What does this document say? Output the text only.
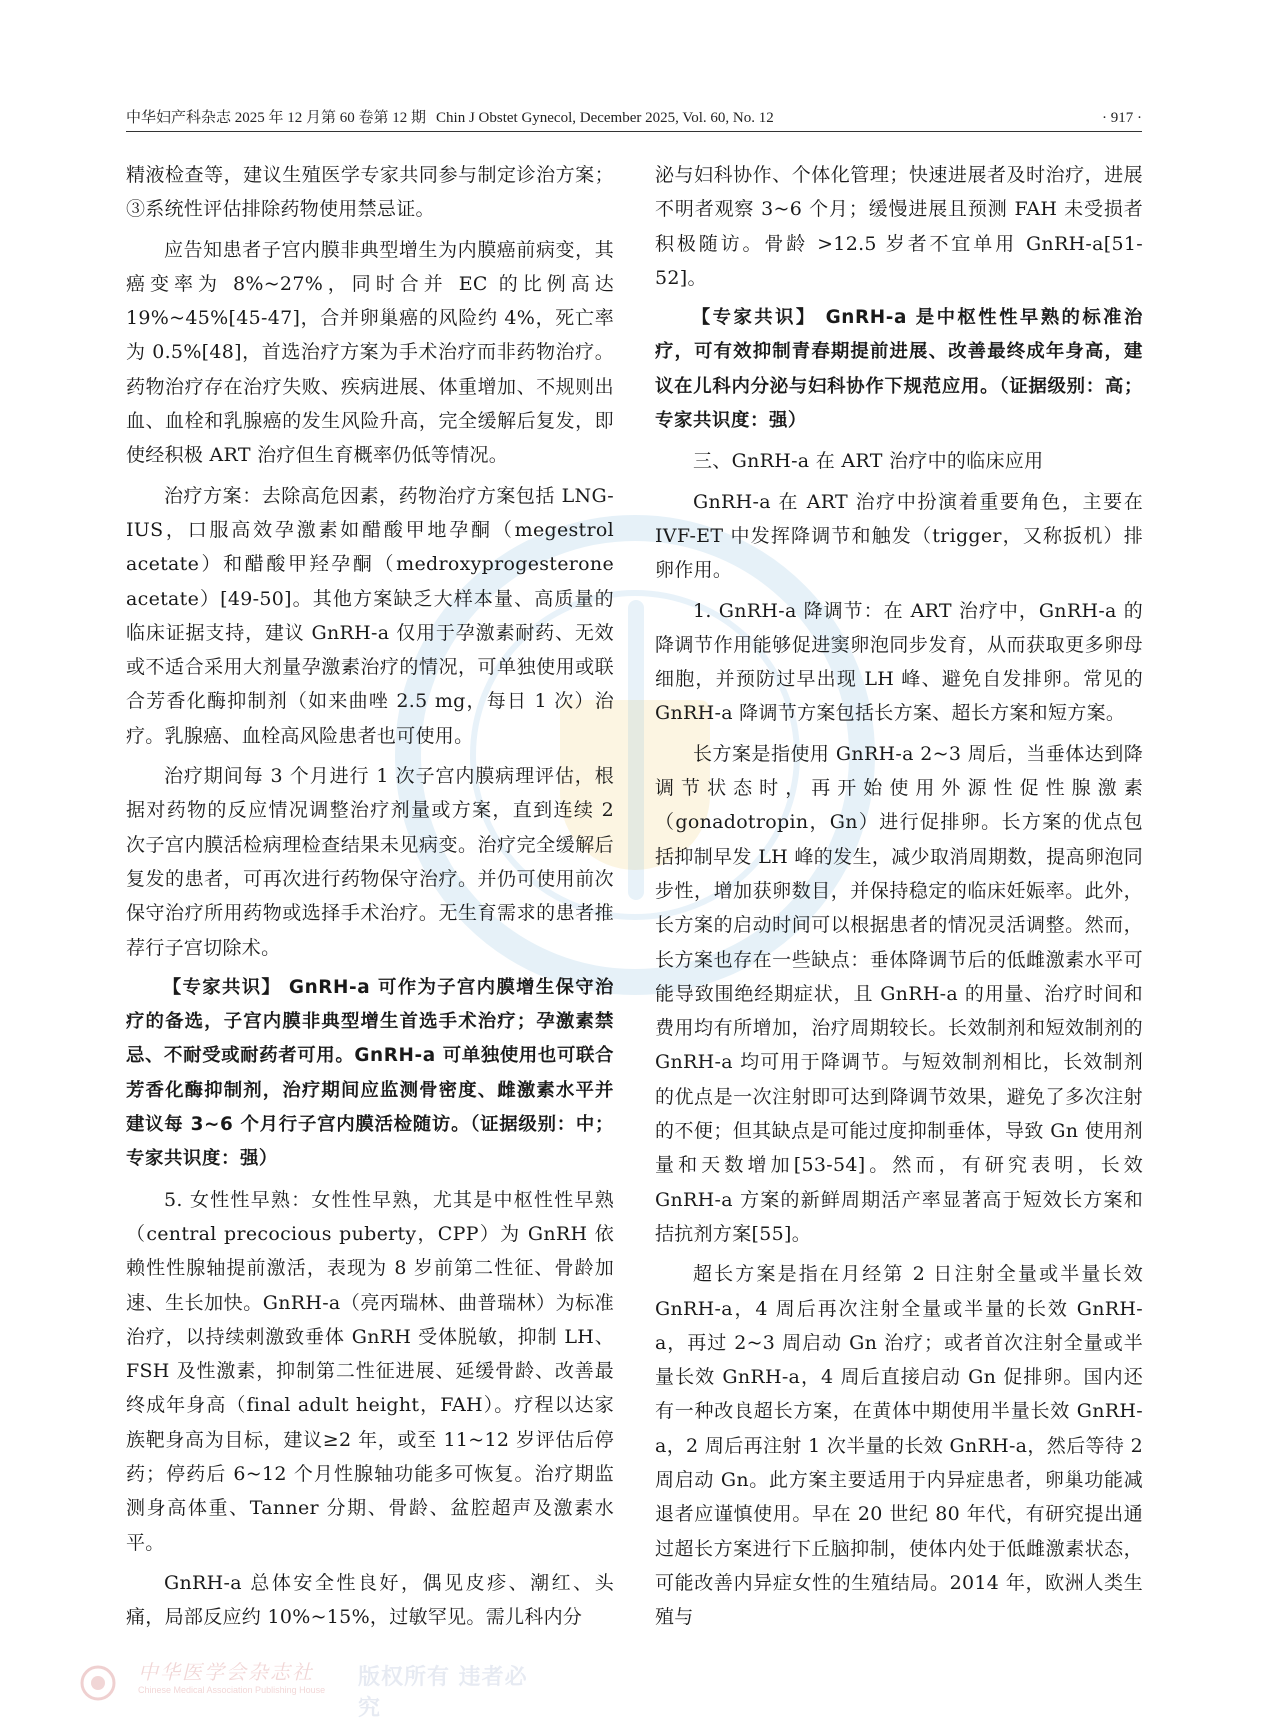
中华妇产科杂志 2025 年 12 月第 60 卷第 12 期 Chin J Obstet Gynecol, December 2025, Vol. 60, No. 12	· 917 ·

精液检查等，建议生殖医学专家共同参与制定诊治方案；③系统性评估排除药物使用禁忌证。

应告知患者子宫内膜非典型增生为内膜癌前病变，其癌变率为 8%~27%，同时合并 EC 的比例高达 19%~45%[45-47]，合并卵巢癌的风险约 4%，死亡率为 0.5%[48]，首选治疗方案为手术治疗而非药物治疗。药物治疗存在治疗失败、疾病进展、体重增加、不规则出血、血栓和乳腺癌的发生风险升高，完全缓解后复发，即使经积极 ART 治疗但生育概率仍低等情况。

治疗方案：去除高危因素，药物治疗方案包括 LNG-IUS，口服高效孕激素如醋酸甲地孕酮（megestrol acetate）和醋酸甲羟孕酮（medroxyprogesterone acetate）[49-50]。其他方案缺乏大样本量、高质量的临床证据支持，建议 GnRH-a 仅用于孕激素耐药、无效或不适合采用大剂量孕激素治疗的情况，可单独使用或联合芳香化酶抑制剂（如来曲唑 2.5 mg，每日 1 次）治疗。乳腺癌、血栓高风险患者也可使用。

治疗期间每 3 个月进行 1 次子宫内膜病理评估，根据对药物的反应情况调整治疗剂量或方案，直到连续 2 次子宫内膜活检病理检查结果未见病变。治疗完全缓解后复发的患者，可再次进行药物保守治疗。并仍可使用前次保守治疗所用药物或选择手术治疗。无生育需求的患者推荐行子宫切除术。

【专家共识】 GnRH-a 可作为子宫内膜增生保守治疗的备选，子宫内膜非典型增生首选手术治疗；孕激素禁忌、不耐受或耐药者可用。GnRH-a 可单独使用也可联合芳香化酶抑制剂，治疗期间应监测骨密度、雌激素水平并建议每 3~6 个月行子宫内膜活检随访。（证据级别：中；专家共识度：强）

5. 女性性早熟：女性性早熟，尤其是中枢性性早熟（central precocious puberty，CPP）为 GnRH 依赖性性腺轴提前激活，表现为 8 岁前第二性征、骨龄加速、生长加快。GnRH-a（亮丙瑞林、曲普瑞林）为标准治疗，以持续刺激致垂体 GnRH 受体脱敏，抑制 LH、FSH 及性激素，抑制第二性征进展、延缓骨龄、改善最终成年身高（final adult height，FAH）。疗程以达家族靶身高为目标，建议≥2 年，或至 11~12 岁评估后停药；停药后 6~12 个月性腺轴功能多可恢复。治疗期监测身高体重、Tanner 分期、骨龄、盆腔超声及激素水平。

GnRH-a 总体安全性良好，偶见皮疹、潮红、头痛，局部反应约 10%~15%，过敏罕见。需儿科内分

泌与妇科协作、个体化管理；快速进展者及时治疗，进展不明者观察 3~6 个月；缓慢进展且预测 FAH 未受损者积极随访。骨龄 >12.5 岁者不宜单用 GnRH-a[51-52]。

【专家共识】 GnRH-a 是中枢性性早熟的标准治疗，可有效抑制青春期提前进展、改善最终成年身高，建议在儿科内分泌与妇科协作下规范应用。（证据级别：高；专家共识度：强）

三、GnRH-a 在 ART 治疗中的临床应用

GnRH-a 在 ART 治疗中扮演着重要角色，主要在 IVF-ET 中发挥降调节和触发（trigger，又称扳机）排卵作用。

1. GnRH-a 降调节：在 ART 治疗中，GnRH-a 的降调节作用能够促进窦卵泡同步发育，从而获取更多卵母细胞，并预防过早出现 LH 峰、避免自发排卵。常见的 GnRH-a 降调节方案包括长方案、超长方案和短方案。

长方案是指使用 GnRH-a 2~3 周后，当垂体达到降调节状态时，再开始使用外源性促性腺激素（gonadotropin，Gn）进行促排卵。长方案的优点包括抑制早发 LH 峰的发生，减少取消周期数，提高卵泡同步性，增加获卵数目，并保持稳定的临床妊娠率。此外，长方案的启动时间可以根据患者的情况灵活调整。然而，长方案也存在一些缺点：垂体降调节后的低雌激素水平可能导致围绝经期症状，且 GnRH-a 的用量、治疗时间和费用均有所增加，治疗周期较长。长效制剂和短效制剂的 GnRH-a 均可用于降调节。与短效制剂相比，长效制剂的优点是一次注射即可达到降调节效果，避免了多次注射的不便；但其缺点是可能过度抑制垂体，导致 Gn 使用剂量和天数增加[53-54]。然而，有研究表明，长效 GnRH-a 方案的新鲜周期活产率显著高于短效长方案和拮抗剂方案[55]。

超长方案是指在月经第 2 日注射全量或半量长效 GnRH-a，4 周后再次注射全量或半量的长效 GnRH-a，再过 2~3 周启动 Gn 治疗；或者首次注射全量或半量长效 GnRH-a，4 周后直接启动 Gn 促排卵。国内还有一种改良超长方案，在黄体中期使用半量长效 GnRH-a，2 周后再注射 1 次半量的长效 GnRH-a，然后等待 2 周启动 Gn。此方案主要适用于内异症患者，卵巢功能减退者应谨慎使用。早在 20 世纪 80 年代，有研究提出通过超长方案进行下丘脑抑制，使体内处于低雌激素状态，可能改善内异症女性的生殖结局。2014 年，欧洲人类生殖与

中华医学会杂志社
Chinese Medical Association Publishing House	版权所有 违者必究
